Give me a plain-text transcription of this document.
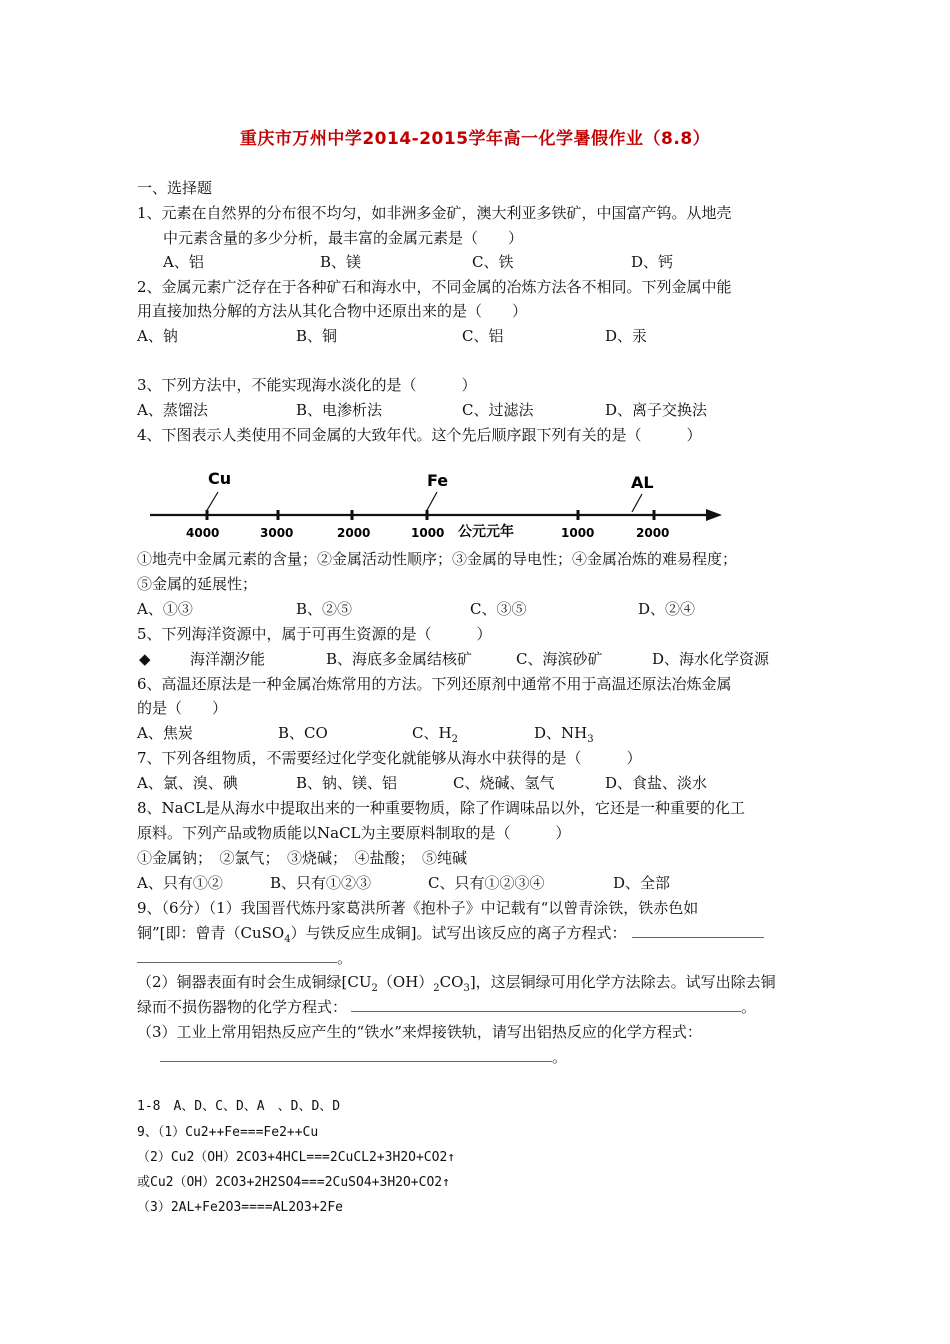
重庆市万州中学2014-2015学年高一化学暑假作业（8.8）
一、选择题
1、元素在自然界的分布很不均匀，如非洲多金矿，澳大利亚多铁矿，中国富产钨。从地壳
中元素含量的多少分析，最丰富的金属元素是（　　）
A、铝	B、镁	C、铁	D、钙
2、金属元素广泛存在于各种矿石和海水中，不同金属的冶炼方法各不相同。下列金属中能
用直接加热分解的方法从其化合物中还原出来的是（　　）
A、钠	B、铜	C、铝	D、汞
3、下列方法中，不能实现海水淡化的是（　　　）
A、蒸馏法	B、电渗析法	C、过滤法	D、离子交换法
4、下图表示人类使用不同金属的大致年代。这个先后顺序跟下列有关的是（　　　）
Cu	Fe	AL
4000	3000	2000	1000 公元元年	1000	2000
①地壳中金属元素的含量；②金属活动性顺序；③金属的导电性；④金属冶炼的难易程度；
⑤金属的延展性；
A、①③	B、②⑤	C、③⑤	D、②④
5、下列海洋资源中，属于可再生资源的是（　　　）
◆	海洋潮汐能	B、海底多金属结核矿	C、海滨砂矿	D、海水化学资源
6、高温还原法是一种金属冶炼常用的方法。下列还原剂中通常不用于高温还原法冶炼金属
的是（　　）
A、焦炭	B、CO	C、$H_2$	D、$NH_3$
7、下列各组物质，不需要经过化学变化就能够从海水中获得的是（　　　）
A、氯、溴、碘	B、钠、镁、铝	C、烧碱、氢气	D、食盐、淡水
8、NaCL是从海水中提取出来的一种重要物质，除了作调味品以外，它还是一种重要的化工
原料。下列产品或物质能以NaCL为主要原料制取的是（　　　）
①金属钠；　②氯气；　③烧碱；　④盐酸；　⑤纯碱
A、只有①②	B、只有①②③	C、只有①②③④	D、全部
9、（6分）（1）我国晋代炼丹家葛洪所著《抱朴子》中记载有“以曾青涂铁，铁赤色如
铜”[即：曾青（CuSO$_4$）与铁反应生成铜]。试写出该反应的离子方程式：
。
（2）铜器表面有时会生成铜绿$[CU_2(OH)_2CO_3]$，这层铜绿可用化学方法除去。试写出除去铜
绿而不损伤器物的化学方程式：	。
（3）工业上常用铝热反应产生的“铁水”来焊接铁轨，请写出铝热反应的化学方程式：
。
1-8　A、D、C、D、A　、D、D、D
9、（1）Cu2++Fe===Fe2++Cu
（2）Cu2（OH）2CO3+4HCL===2CuCL2+3H2O+CO2↑
或Cu2（OH）2CO3+2H2SO4===2CuSO4+3H2O+CO2↑
（3）2AL+Fe2O3====AL2O3+2Fe
